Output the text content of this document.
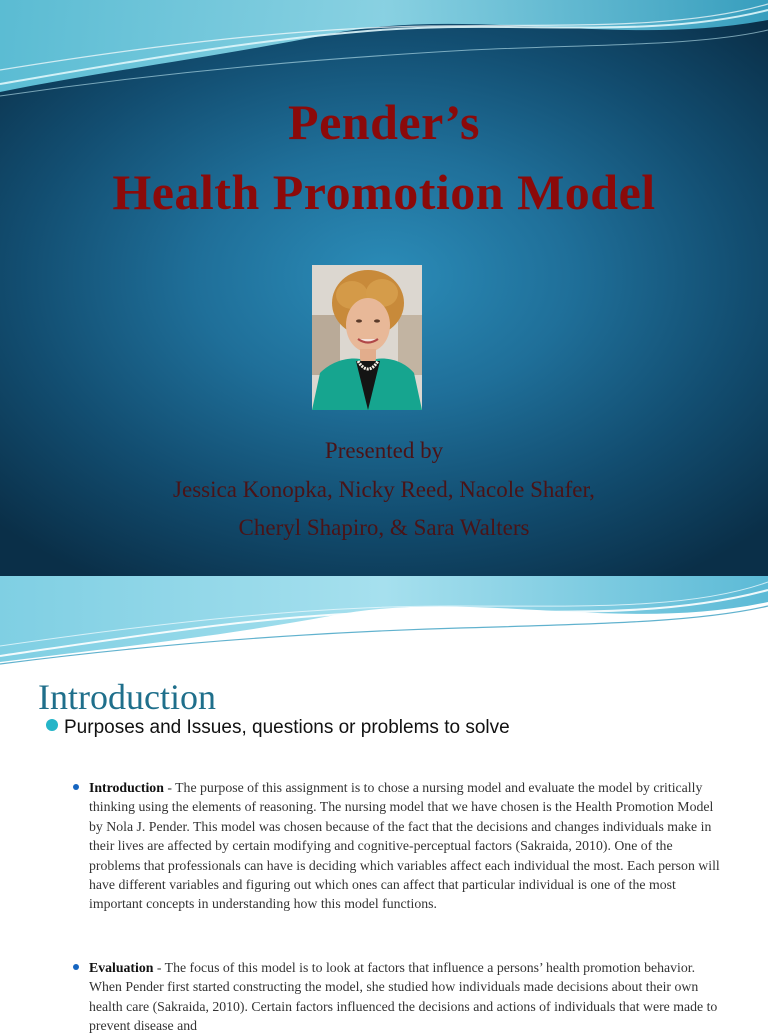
Pender’s
Health Promotion Model
Presented by
Jessica Konopka, Nicky Reed, Nacole Shafer,
Cheryl Shapiro, & Sara Walters
Introduction
Purposes and Issues, questions or problems to solve

Introduction - The purpose of this assignment is to chose a nursing model and evaluate the model by critically thinking using the elements of reasoning. The nursing model that we have chosen is the Health Promotion Model by Nola J. Pender. This model was chosen because of the fact that the decisions and changes individuals make in their lives are affected by certain modifying and cognitive-perceptual factors (Sakraida, 2010). One of the problems that professionals can have is deciding which variables affect each individual the most. Each person will have different variables and figuring out which ones can affect that particular individual is one of the most important concepts in understanding how this model functions.

Evaluation - The focus of this model is to look at factors that influence a persons’ health promotion behavior. When Pender first started constructing the model, she studied how individuals made decisions about their own health care (Sakraida, 2010). Certain factors influenced the decisions and actions of individuals that were made to prevent disease and
